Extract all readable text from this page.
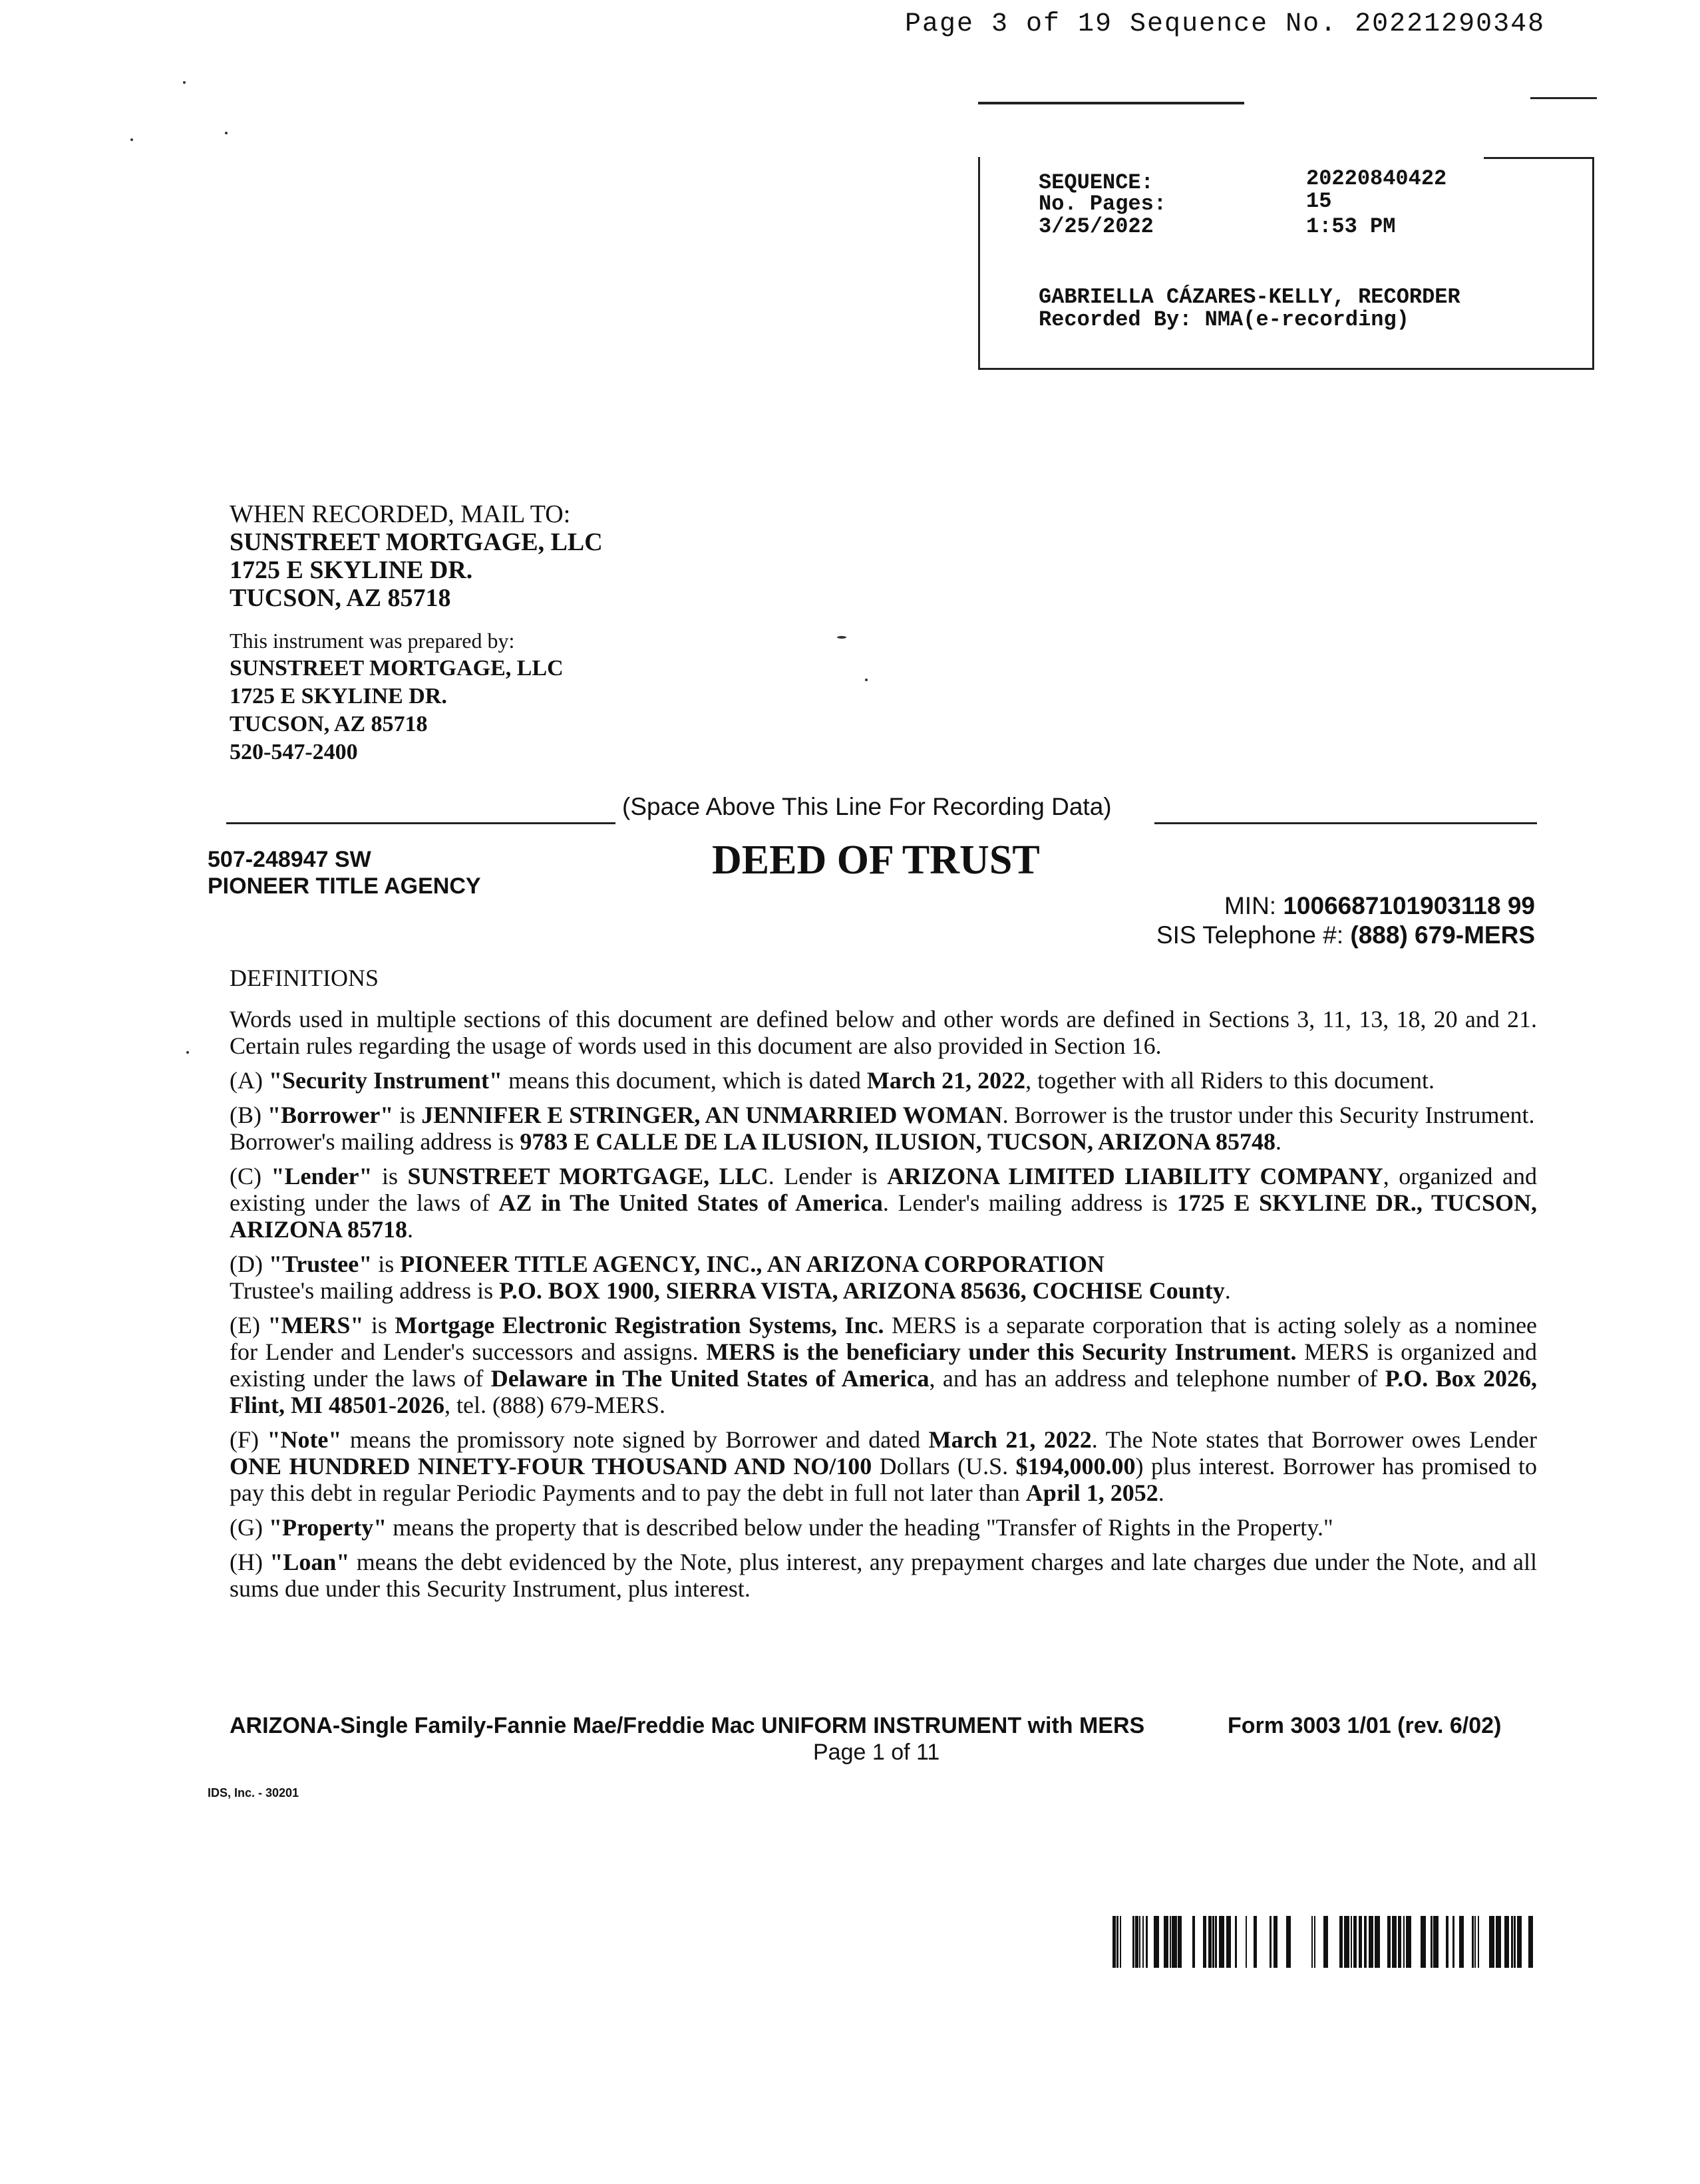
Page 3 of 19 Sequence No. 20221290348
SEQUENCE:	20220840422
No. Pages:	15
3/25/2022	1:53 PM
GABRIELLA CÁZARES-KELLY, RECORDER
Recorded By: NMA(e-recording)
WHEN RECORDED, MAIL TO:
SUNSTREET MORTGAGE, LLC
1725 E SKYLINE DR.
TUCSON, AZ 85718
This instrument was prepared by:
SUNSTREET MORTGAGE, LLC
1725 E SKYLINE DR.
TUCSON, AZ 85718
520-547-2400
(Space Above This Line For Recording Data)
507-248947 SW
PIONEER TITLE AGENCY
DEED OF TRUST
MIN: 1006687101903118 99
SIS Telephone #: (888) 679-MERS

DEFINITIONS

Words used in multiple sections of this document are defined below and other words are defined in Sections 3, 11, 13, 18, 20 and 21. Certain rules regarding the usage of words used in this document are also provided in Section 16.

(A) "Security Instrument" means this document, which is dated March 21, 2022, together with all Riders to this document.

(B) "Borrower" is JENNIFER E STRINGER, AN UNMARRIED WOMAN. Borrower is the trustor under this Security Instrument.
Borrower's mailing address is 9783 E CALLE DE LA ILUSION, ILUSION, TUCSON, ARIZONA 85748.

(C) "Lender" is SUNSTREET MORTGAGE, LLC. Lender is ARIZONA LIMITED LIABILITY COMPANY, organized and existing under the laws of AZ in The United States of America. Lender's mailing address is 1725 E SKYLINE DR., TUCSON, ARIZONA 85718.

(D) "Trustee" is PIONEER TITLE AGENCY, INC., AN ARIZONA CORPORATION
Trustee's mailing address is P.O. BOX 1900, SIERRA VISTA, ARIZONA 85636, COCHISE County.

(E) "MERS" is Mortgage Electronic Registration Systems, Inc. MERS is a separate corporation that is acting solely as a nominee for Lender and Lender's successors and assigns. MERS is the beneficiary under this Security Instrument. MERS is organized and existing under the laws of Delaware in The United States of America, and has an address and telephone number of P.O. Box 2026, Flint, MI 48501-2026, tel. (888) 679-MERS.

(F) "Note" means the promissory note signed by Borrower and dated March 21, 2022. The Note states that Borrower owes Lender ONE HUNDRED NINETY-FOUR THOUSAND AND NO/100 Dollars (U.S. $194,000.00) plus interest. Borrower has promised to pay this debt in regular Periodic Payments and to pay the debt in full not later than April 1, 2052.

(G) "Property" means the property that is described below under the heading "Transfer of Rights in the Property."

(H) "Loan" means the debt evidenced by the Note, plus interest, any prepayment charges and late charges due under the Note, and all sums due under this Security Instrument, plus interest.

ARIZONA-Single Family-Fannie Mae/Freddie Mac UNIFORM INSTRUMENT with MERS	Form 3003 1/01 (rev. 6/02)
Page 1 of 11
IDS, Inc. - 30201
